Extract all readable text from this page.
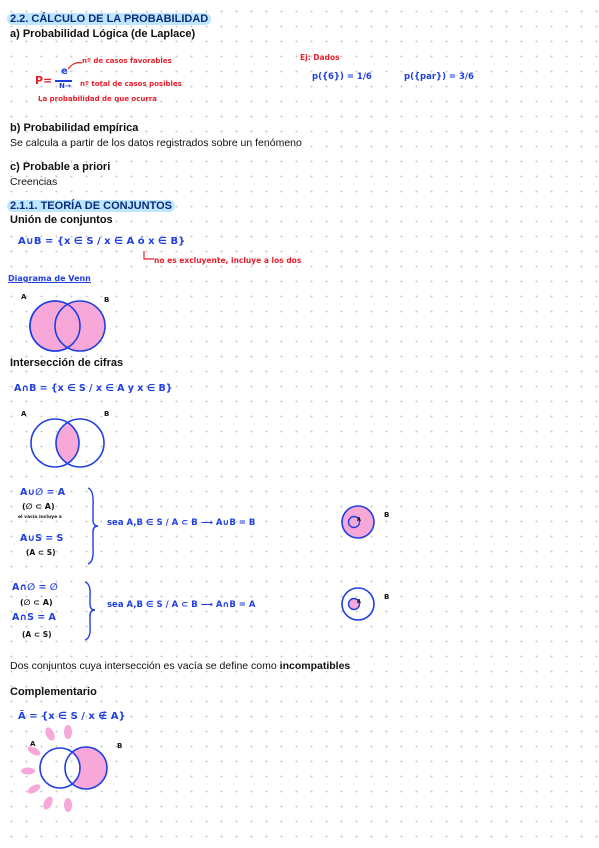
2.2. CÁLCULO DE LA PROBABILIDAD
a) Probabilidad Lógica (de Laplace)
P=
e
N→
nº de casos favorables
nº total de casos posibles
La probabilidad de que ocurra
Ej: Dados
p({6}) = 1/6	p({par}) = 3/6
b) Probabilidad empírica
Se calcula a partir de los datos registrados sobre un fenómeno
c) Probable a priori
Creencias
2.1.1. TEORÍA DE CONJUNTOS
Unión de conjuntos
A∪B = {x ∈ S / x ∈ A ó x ∈ B}
no es excluyente, incluye a los dos
Diagrama de Venn
A	B
Intersección de cifras
A∩B = {x ∈ S / x ∈ A y x ∈ B}
A	B
A∪∅ = A
(∅ ⊂ A)
el vacío incluye a
A∪S = S
(A ⊂ S)
sea A,B ∈ S / A ⊂ B ⟶ A∪B = B	A
B
A∩∅ = ∅
(∅ ⊂ A)
A∩S = A
(A ⊂ S)
sea A,B ∈ S / A ⊂ B ⟶ A∩B = A	A
B
Dos conjuntos cuya intersección es vacía se define como incompatibles
Complementario
Ā = {x ∈ S / x ∉ A}
A	B
